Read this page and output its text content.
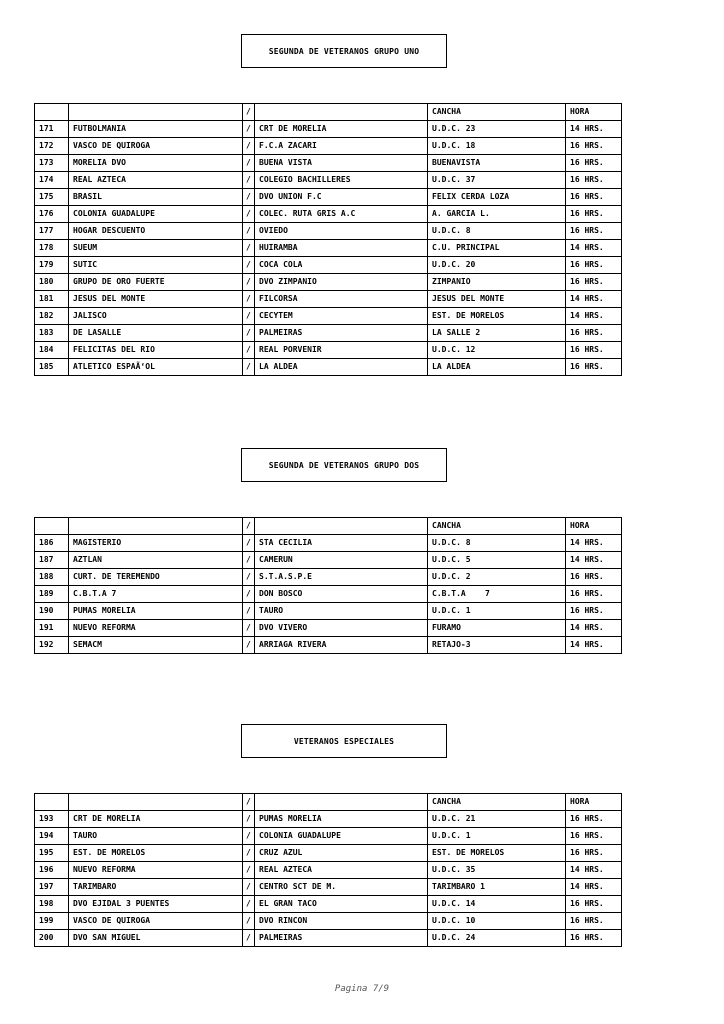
SEGUNDA DE VETERANOS GRUPO UNO
		/		CANCHA	HORA
171	FUTBOLMANIA	/	CRT DE MORELIA	U.D.C. 23	14 HRS.
172	VASCO DE QUIROGA	/	F.C.A ZACARI	U.D.C. 18	16 HRS.
173	MORELIA DVO	/	BUENA VISTA	BUENAVISTA	16 HRS.
174	REAL AZTECA	/	COLEGIO BACHILLERES	U.D.C. 37	16 HRS.
175	BRASIL	/	DVO UNION F.C	FELIX CERDA LOZA	16 HRS.
176	COLONIA GUADALUPE	/	COLEC. RUTA GRIS A.C	A. GARCIA L.	16 HRS.
177	HOGAR DESCUENTO	/	OVIEDO	U.D.C. 8	16 HRS.
178	SUEUM	/	HUIRAMBA	C.U. PRINCIPAL	14 HRS.
179	SUTIC	/	COCA COLA	U.D.C. 20	16 HRS.
180	GRUPO DE ORO FUERTE	/	DVO ZIMPANIO	ZIMPANIO	16 HRS.
181	JESUS DEL MONTE	/	FILCORSA	JESUS DEL MONTE	14 HRS.
182	JALISCO	/	CECYTEM	EST. DE MORELOS	14 HRS.
183	DE LASALLE	/	PALMEIRAS	LA SALLE 2	16 HRS.
184	FELICITAS DEL RIO	/	REAL PORVENIR	U.D.C. 12	16 HRS.
185	ATLETICO ESPAÃ‘OL	/	LA ALDEA	LA ALDEA	16 HRS.
SEGUNDA DE VETERANOS GRUPO DOS
		/		CANCHA	HORA
186	MAGISTERIO	/	STA CECILIA	U.D.C. 8	14 HRS.
187	AZTLAN	/	CAMERUN	U.D.C. 5	14 HRS.
188	CURT. DE TEREMENDO	/	S.T.A.S.P.E	U.D.C. 2	16 HRS.
189	C.B.T.A 7	/	DON BOSCO	C.B.T.A    7	16 HRS.
190	PUMAS MORELIA	/	TAURO	U.D.C. 1	16 HRS.
191	NUEVO REFORMA	/	DVO VIVERO	FURAMO	14 HRS.
192	SEMACM	/	ARRIAGA RIVERA	RETAJO-3	14 HRS.
VETERANOS ESPECIALES
		/		CANCHA	HORA
193	CRT DE MORELIA	/	PUMAS MORELIA	U.D.C. 21	16 HRS.
194	TAURO	/	COLONIA GUADALUPE	U.D.C. 1	16 HRS.
195	EST. DE MORELOS	/	CRUZ AZUL	EST. DE MORELOS	16 HRS.
196	NUEVO REFORMA	/	REAL AZTECA	U.D.C. 35	14 HRS.
197	TARIMBARO	/	CENTRO SCT DE M.	TARIMBARO 1	14 HRS.
198	DVO EJIDAL 3 PUENTES	/	EL GRAN TACO	U.D.C. 14	16 HRS.
199	VASCO DE QUIROGA	/	DVO RINCON	U.D.C. 10	16 HRS.
200	DVO SAN MIGUEL	/	PALMEIRAS	U.D.C. 24	16 HRS.
Pagina 7/9
